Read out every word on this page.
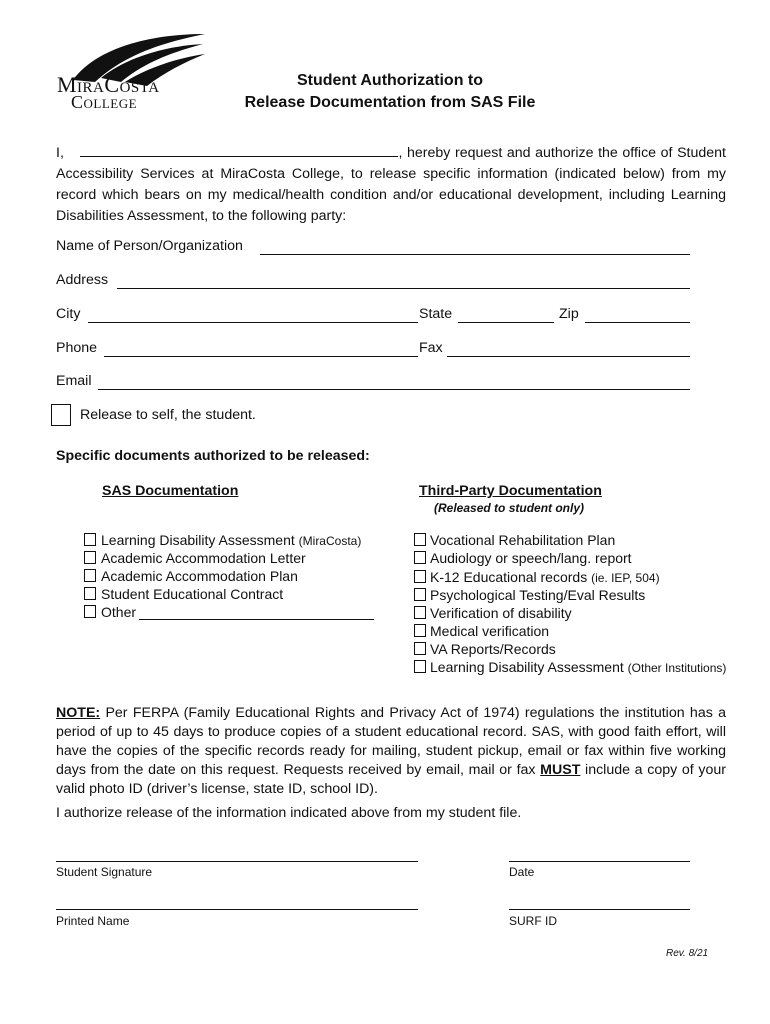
MiraCosta
College
Student Authorization to
Release Documentation from SAS File
I,	, hereby request and authorize the office of Student Accessibility Services at MiraCosta College, to release specific information (indicated below) from my record which bears on my medical/health condition and/or educational development, including Learning Disabilities Assessment, to the following party:
Name of Person/Organization
Address
City	State	Zip
Phone	Fax
Email
Release to self, the student.
Specific documents authorized to be released:
SAS Documentation
Learning Disability Assessment (MiraCosta)
Academic Accommodation Letter
Academic Accommodation Plan
Student Educational Contract
Other
Third-Party Documentation
(Released to student only)
Vocational Rehabilitation Plan
Audiology or speech/lang. report
K-12 Educational records (ie. IEP, 504)
Psychological Testing/Eval Results
Verification of disability
Medical verification
VA Reports/Records
Learning Disability Assessment (Other Institutions)
NOTE: Per FERPA (Family Educational Rights and Privacy Act of 1974) regulations the institution has a period of up to 45 days to produce copies of a student educational record. SAS, with good faith effort, will have the copies of the specific records ready for mailing, student pickup, email or fax within five working days from the date on this request. Requests received by email, mail or fax MUST include a copy of your valid photo ID (driver’s license, state ID, school ID).
I authorize release of the information indicated above from my student file.
Student Signature	Date
Printed Name	SURF ID
Rev. 8/21
